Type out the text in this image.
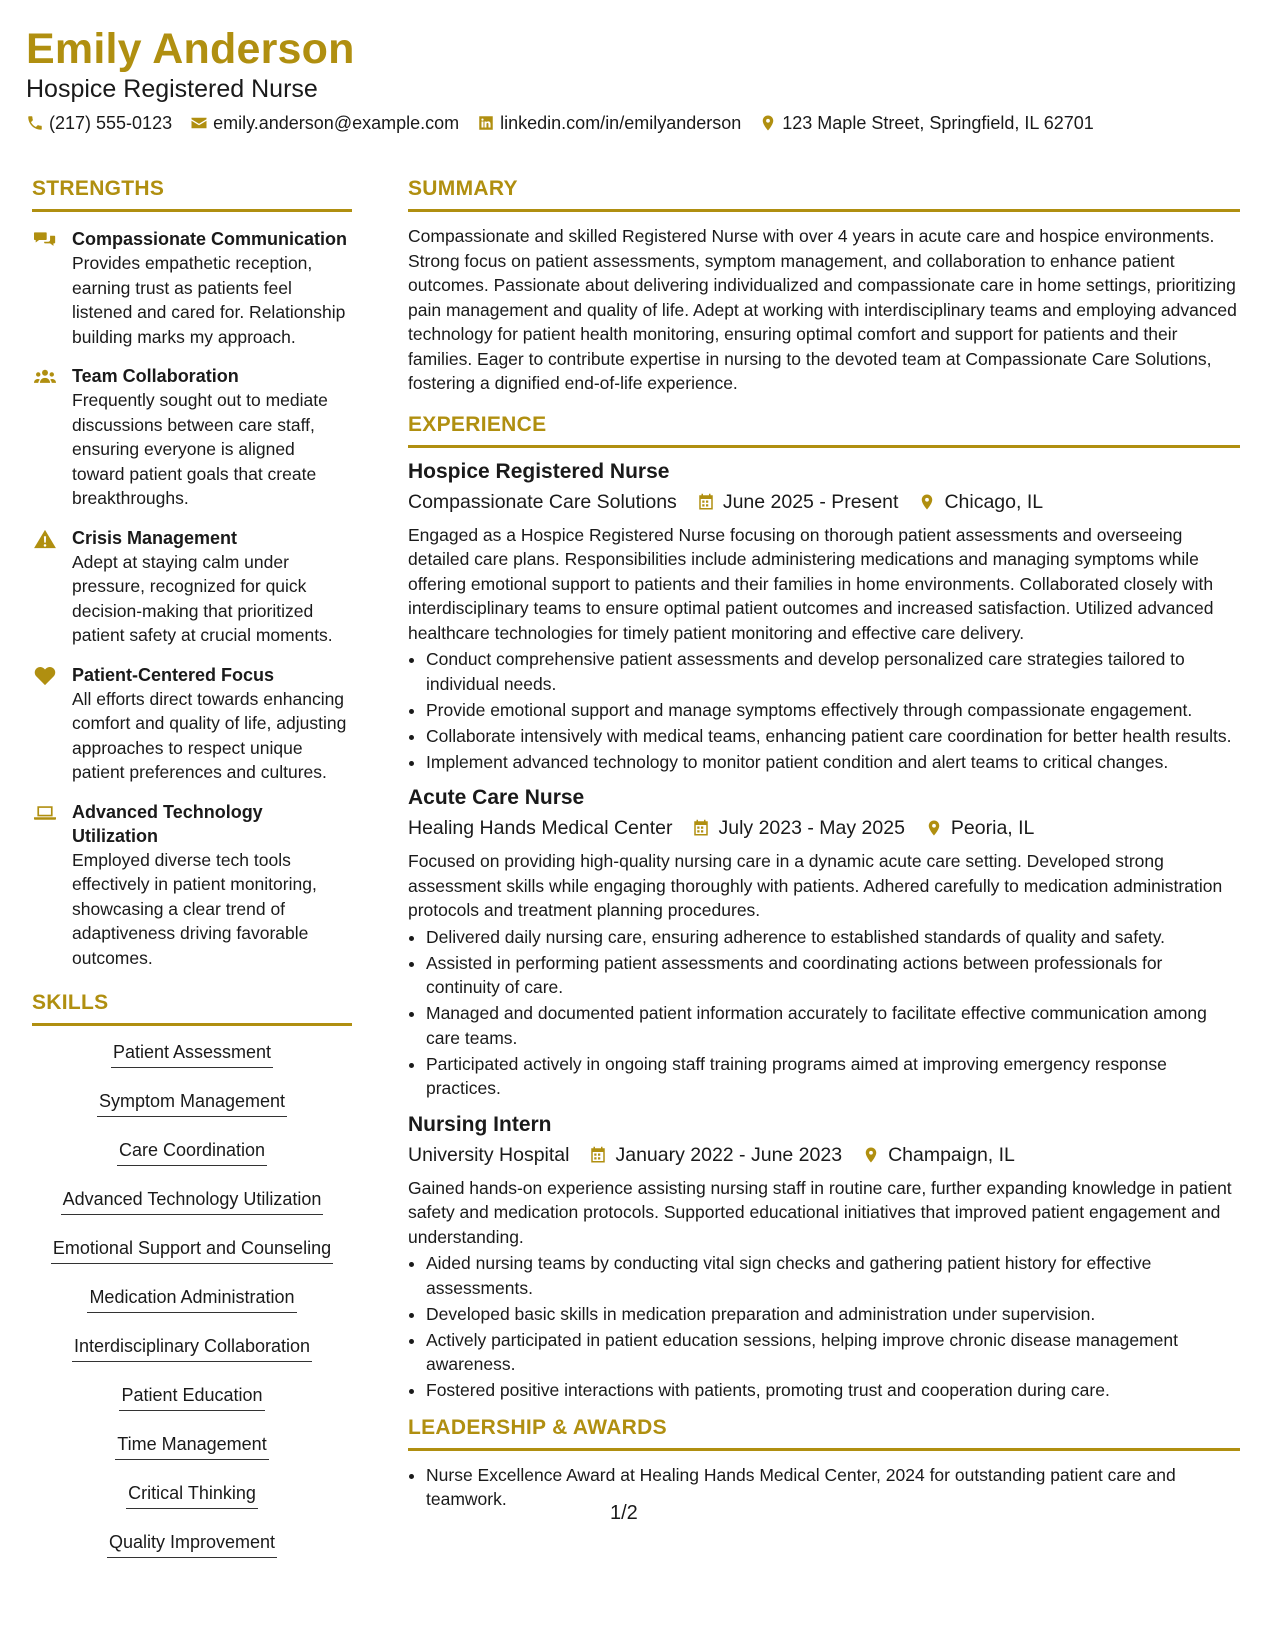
Emily Anderson
Hospice Registered Nurse
(217) 555-0123 emily.anderson@example.com linkedin.com/in/emilyanderson 123 Maple Street, Springfield, IL 62701
STRENGTHS
Compassionate Communication
Provides empathetic reception, earning trust as patients feel listened and cared for. Relationship building marks my approach.
Team Collaboration
Frequently sought out to mediate discussions between care staff, ensuring everyone is aligned toward patient goals that create breakthroughs.
Crisis Management
Adept at staying calm under pressure, recognized for quick decision-making that prioritized patient safety at crucial moments.
Patient-Centered Focus
All efforts direct towards enhancing comfort and quality of life, adjusting approaches to respect unique patient preferences and cultures.
Advanced Technology Utilization
Employed diverse tech tools effectively in patient monitoring, showcasing a clear trend of adaptiveness driving favorable outcomes.
SKILLS
Patient Assessment
Symptom Management
Care Coordination
Advanced Technology Utilization
Emotional Support and Counseling
Medication Administration
Interdisciplinary Collaboration
Patient Education
Time Management
Critical Thinking
Quality Improvement
SUMMARY
Compassionate and skilled Registered Nurse with over 4 years in acute care and hospice environments. Strong focus on patient assessments, symptom management, and collaboration to enhance patient outcomes. Passionate about delivering individualized and compassionate care in home settings, prioritizing pain management and quality of life. Adept at working with interdisciplinary teams and employing advanced technology for patient health monitoring, ensuring optimal comfort and support for patients and their families. Eager to contribute expertise in nursing to the devoted team at Compassionate Care Solutions, fostering a dignified end-of-life experience.
EXPERIENCE
Hospice Registered Nurse
Compassionate Care Solutions June 2025 - Present Chicago, IL
Engaged as a Hospice Registered Nurse focusing on thorough patient assessments and overseeing detailed care plans. Responsibilities include administering medications and managing symptoms while offering emotional support to patients and their families in home environments. Collaborated closely with interdisciplinary teams to ensure optimal patient outcomes and increased satisfaction. Utilized advanced healthcare technologies for timely patient monitoring and effective care delivery.
• Conduct comprehensive patient assessments and develop personalized care strategies tailored to individual needs.
• Provide emotional support and manage symptoms effectively through compassionate engagement.
• Collaborate intensively with medical teams, enhancing patient care coordination for better health results.
• Implement advanced technology to monitor patient condition and alert teams to critical changes.
Acute Care Nurse
Healing Hands Medical Center July 2023 - May 2025 Peoria, IL
Focused on providing high-quality nursing care in a dynamic acute care setting. Developed strong assessment skills while engaging thoroughly with patients. Adhered carefully to medication administration protocols and treatment planning procedures.
• Delivered daily nursing care, ensuring adherence to established standards of quality and safety.
• Assisted in performing patient assessments and coordinating actions between professionals for continuity of care.
• Managed and documented patient information accurately to facilitate effective communication among care teams.
• Participated actively in ongoing staff training programs aimed at improving emergency response practices.
Nursing Intern
University Hospital January 2022 - June 2023 Champaign, IL
Gained hands-on experience assisting nursing staff in routine care, further expanding knowledge in patient safety and medication protocols. Supported educational initiatives that improved patient engagement and understanding.
• Aided nursing teams by conducting vital sign checks and gathering patient history for effective assessments.
• Developed basic skills in medication preparation and administration under supervision.
• Actively participated in patient education sessions, helping improve chronic disease management awareness.
• Fostered positive interactions with patients, promoting trust and cooperation during care.
LEADERSHIP & AWARDS
• Nurse Excellence Award at Healing Hands Medical Center, 2024 for outstanding patient care and teamwork.
1/2
